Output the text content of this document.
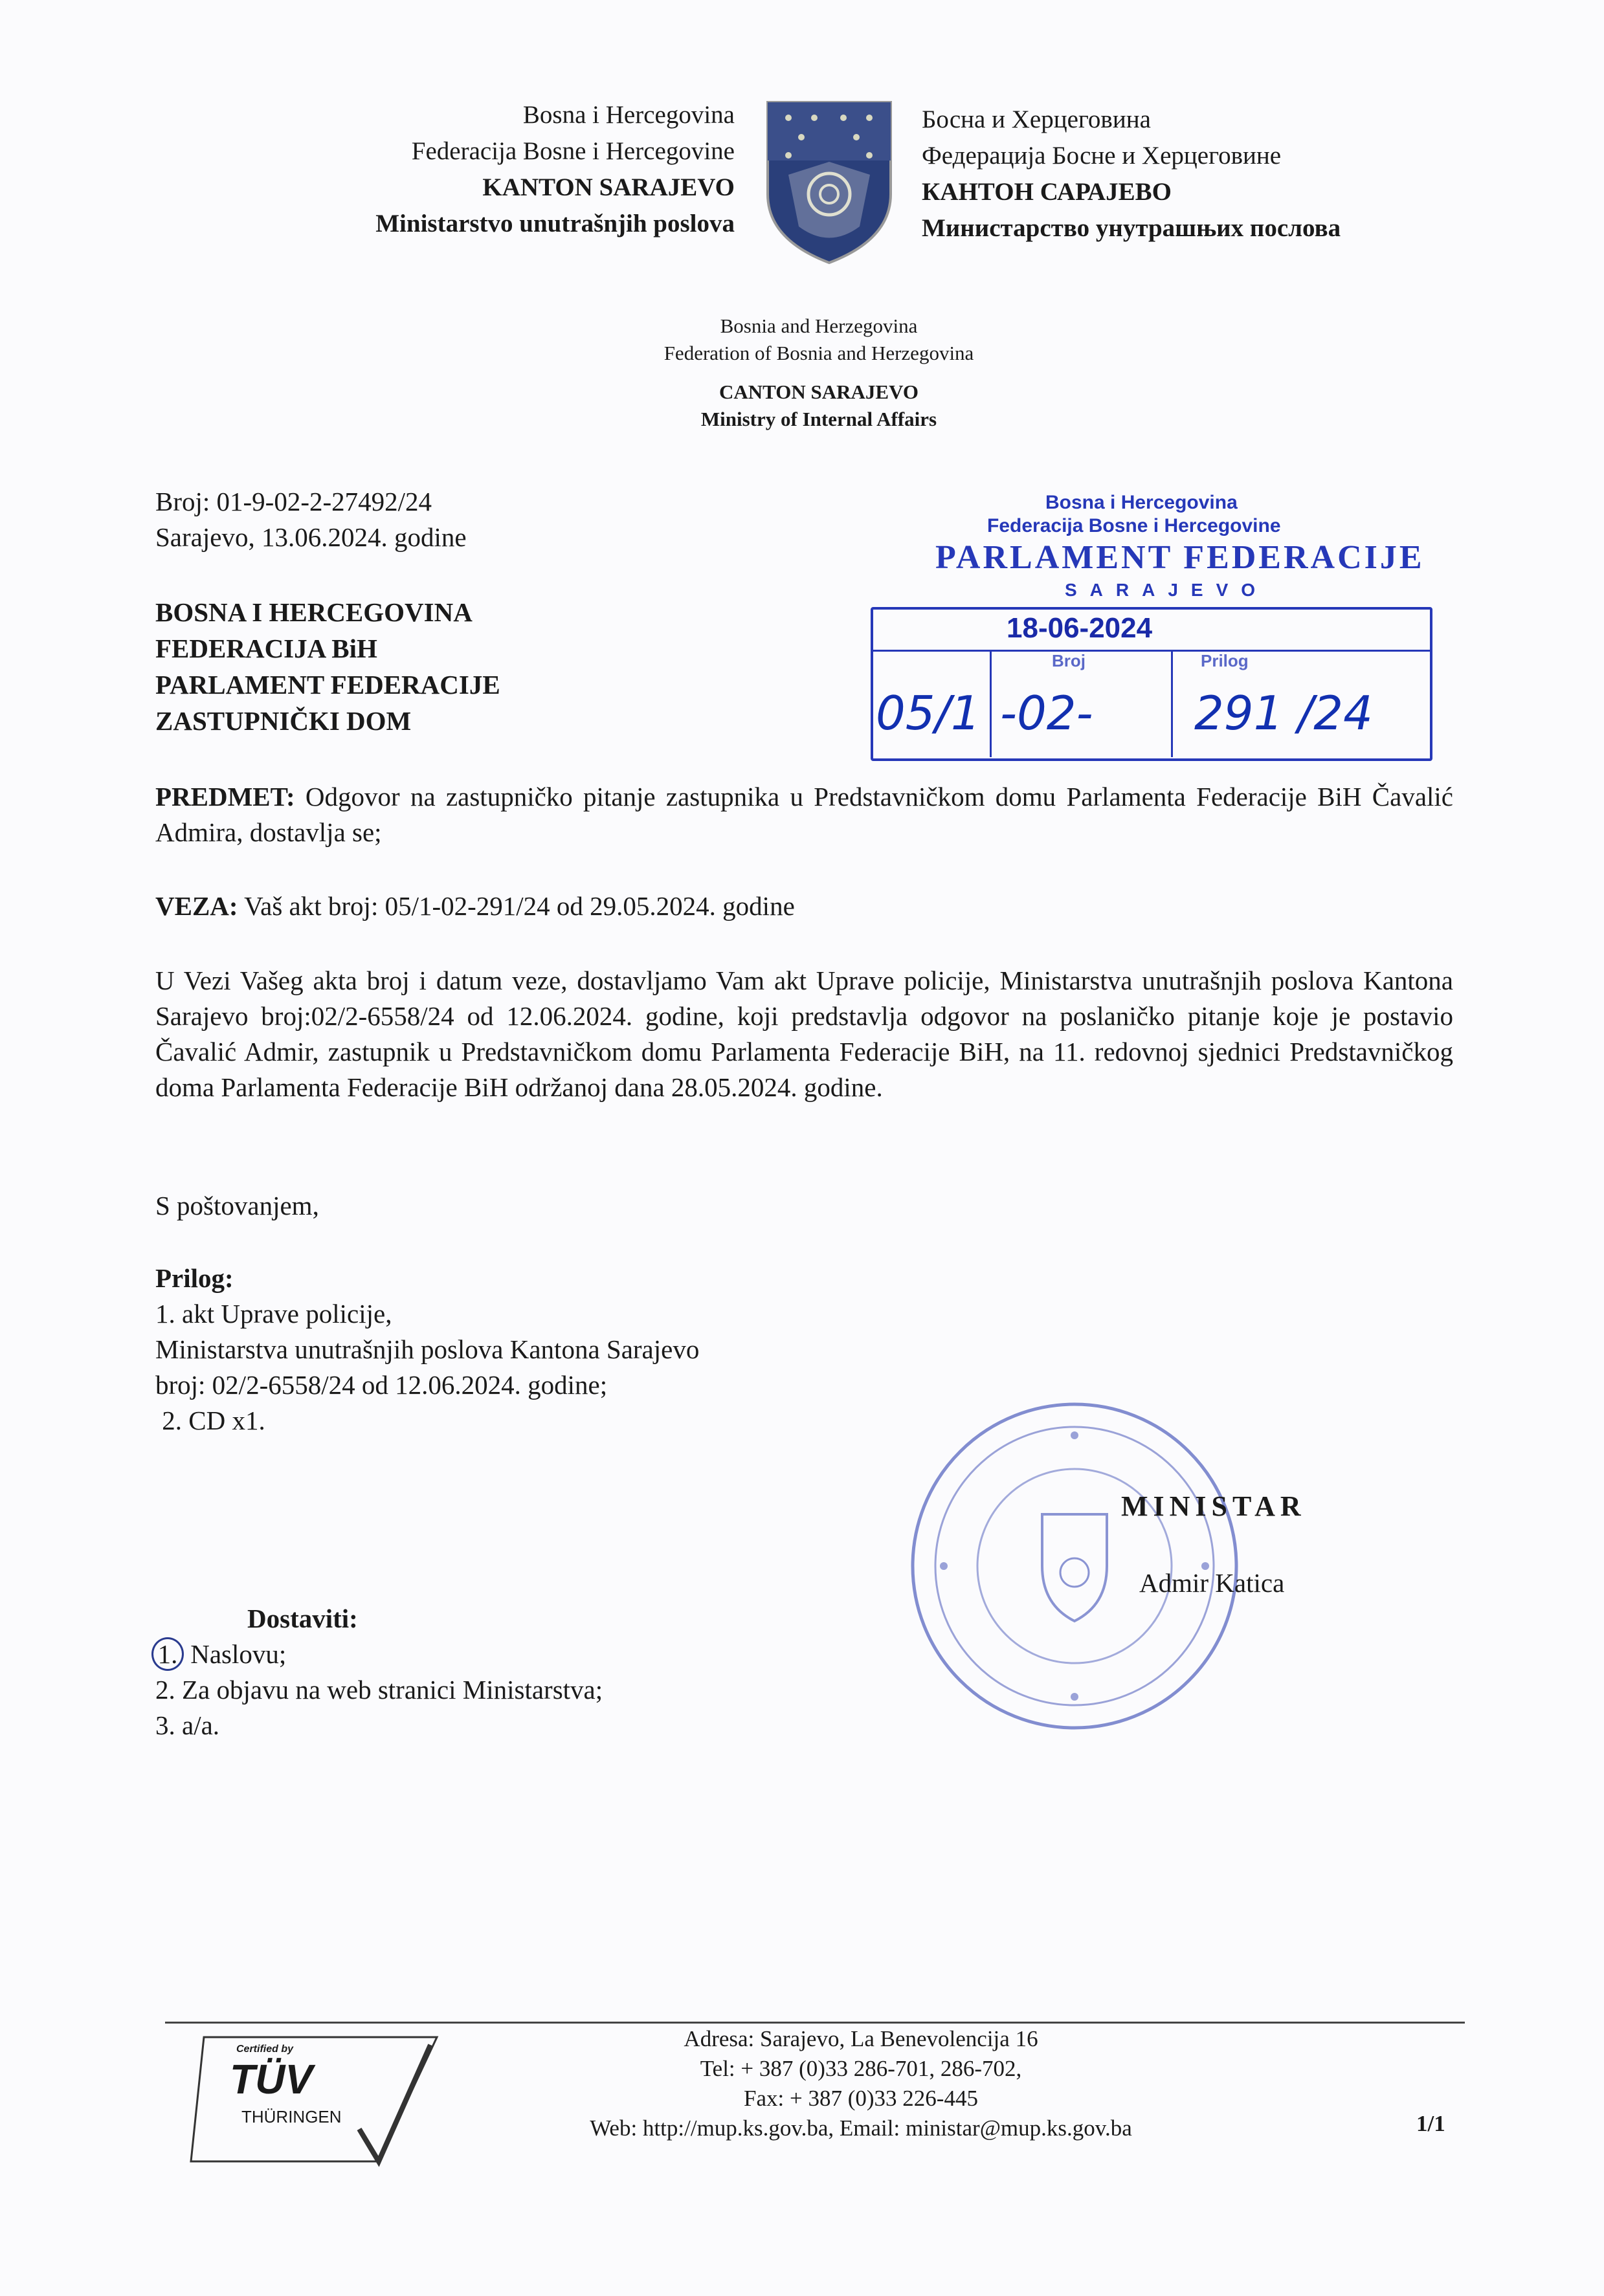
Bosna i Hercegovina
Federacija Bosne i Hercegovine
KANTON SARAJEVO
Ministarstvo unutrašnjih poslova
Босна и Херцеговина
Федерација Босне и Херцеговине
КАНТОН САРАЈЕВО
Министарство унутрашњих послова
Bosnia and Herzegovina
Federation of Bosnia and Herzegovina
CANTON SARAJEVO
Ministry of Internal Affairs
Broj: 01-9-02-2-27492/24
Sarajevo, 13.06.2024. godine
BOSNA I HERCEGOVINA
FEDERACIJA BiH
PARLAMENT FEDERACIJE
ZASTUPNIČKI DOM
Bosna i Hercegovina
Federacija Bosne i Hercegovine
PARLAMENT FEDERACIJE
SARAJEVO
18-06-2024
Broj	Prilog
05/1 -02- 291 /24
PREDMET: Odgovor na zastupničko pitanje zastupnika u Predstavničkom domu Parlamenta Federacije BiH Čavalić Admira, dostavlja se;
VEZA: Vaš akt broj: 05/1-02-291/24 od 29.05.2024. godine
U Vezi Vašeg akta broj i datum veze, dostavljamo Vam akt Uprave policije, Ministarstva unutrašnjih poslova Kantona Sarajevo broj:02/2-6558/24 od 12.06.2024. godine, koji predstavlja odgovor na poslaničko pitanje koje je postavio Čavalić Admir, zastupnik u Predstavničkom domu Parlamenta Federacije BiH, na 11. redovnoj sjednici Predstavničkog doma Parlamenta Federacije BiH održanoj dana 28.05.2024. godine.
S poštovanjem,
Prilog:
1. akt Uprave policije,
Ministarstva unutrašnjih poslova Kantona Sarajevo
broj: 02/2-6558/24 od 12.06.2024. godine;
2. CD x1.
MINISTAR
Admir Katica
Dostaviti:
1. Naslovu;
2. Za objavu na web stranici Ministarstva;
3. a/a.
Certified by
TÜV
THÜRINGEN
Adresa: Sarajevo, La Benevolencija 16
Tel: + 387 (0)33 286-701, 286-702,
Fax: + 387 (0)33 226-445
Web: http://mup.ks.gov.ba, Email: ministar@mup.ks.gov.ba	1/1
